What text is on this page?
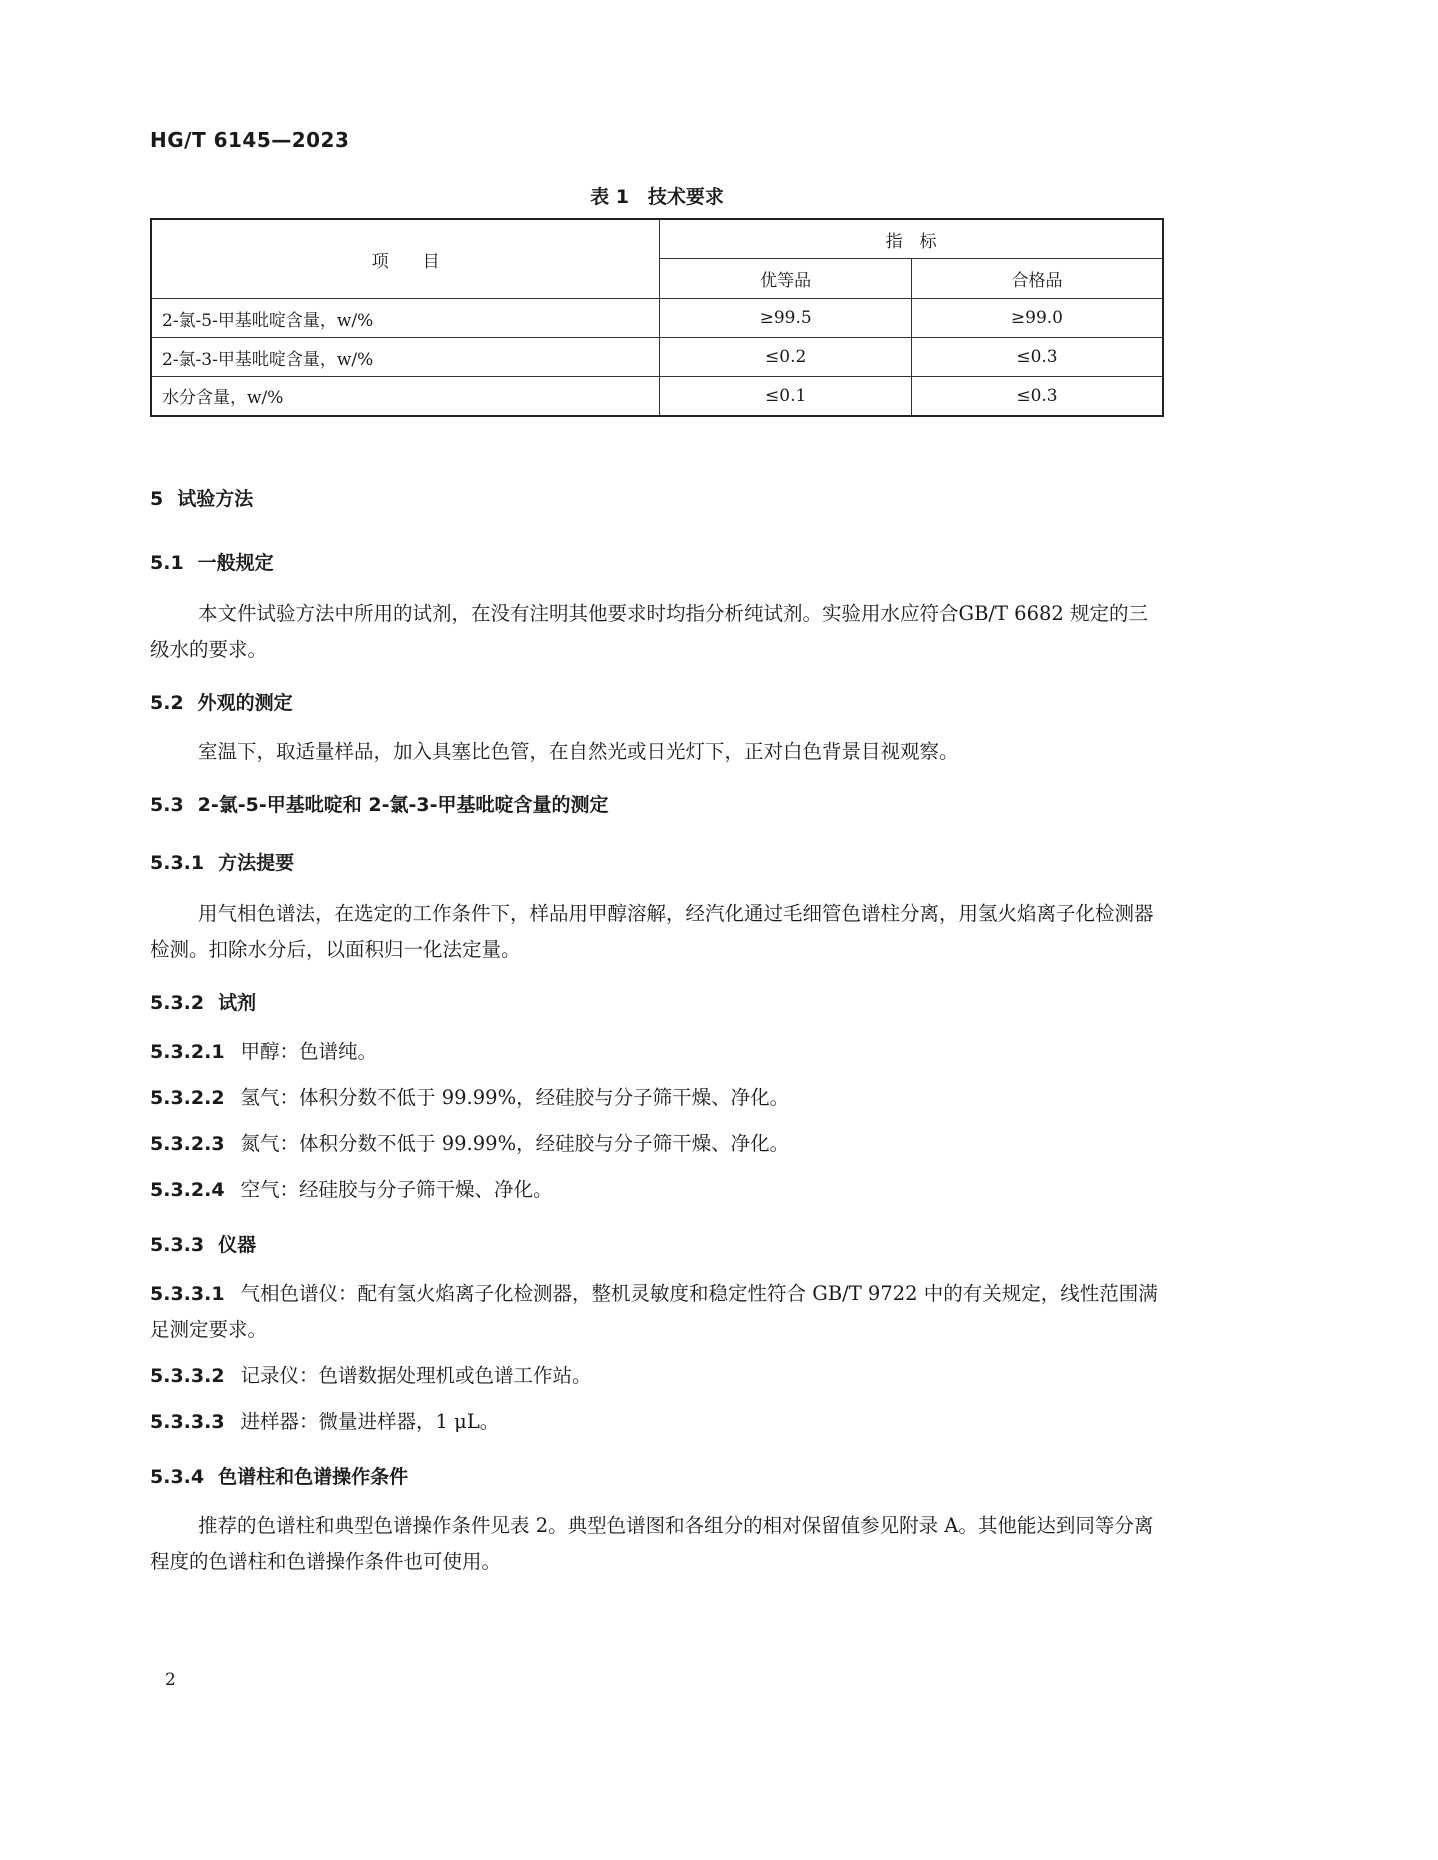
HG/T 6145—2023

表 1　技术要求

项　　目	指　标	
	优等品	合格品
2-氯-5-甲基吡啶含量，w/%	≥99.5	≥99.0
2-氯-3-甲基吡啶含量，w/%	≤0.2	≤0.3
水分含量，w/%	≤0.1	≤0.3

5 试验方法

5.1 一般规定

本文件试验方法中所用的试剂，在没有注明其他要求时均指分析纯试剂。实验用水应符合GB/T 6682 规定的三级水的要求。

5.2 外观的测定

室温下，取适量样品，加入具塞比色管，在自然光或日光灯下，正对白色背景目视观察。

5.3 2-氯-5-甲基吡啶和 2-氯-3-甲基吡啶含量的测定

5.3.1 方法提要

用气相色谱法，在选定的工作条件下，样品用甲醇溶解，经汽化通过毛细管色谱柱分离，用氢火焰离子化检测器检测。扣除水分后，以面积归一化法定量。

5.3.2 试剂

5.3.2.1 甲醇：色谱纯。

5.3.2.2 氢气：体积分数不低于 99.99%，经硅胶与分子筛干燥、净化。

5.3.2.3 氮气：体积分数不低于 99.99%，经硅胶与分子筛干燥、净化。

5.3.2.4 空气：经硅胶与分子筛干燥、净化。

5.3.3 仪器

5.3.3.1 气相色谱仪：配有氢火焰离子化检测器，整机灵敏度和稳定性符合 GB/T 9722 中的有关规定，线性范围满足测定要求。

5.3.3.2 记录仪：色谱数据处理机或色谱工作站。

5.3.3.3 进样器：微量进样器，1 μL。

5.3.4 色谱柱和色谱操作条件

推荐的色谱柱和典型色谱操作条件见表 2。典型色谱图和各组分的相对保留值参见附录 A。其他能达到同等分离程度的色谱柱和色谱操作条件也可使用。

2
